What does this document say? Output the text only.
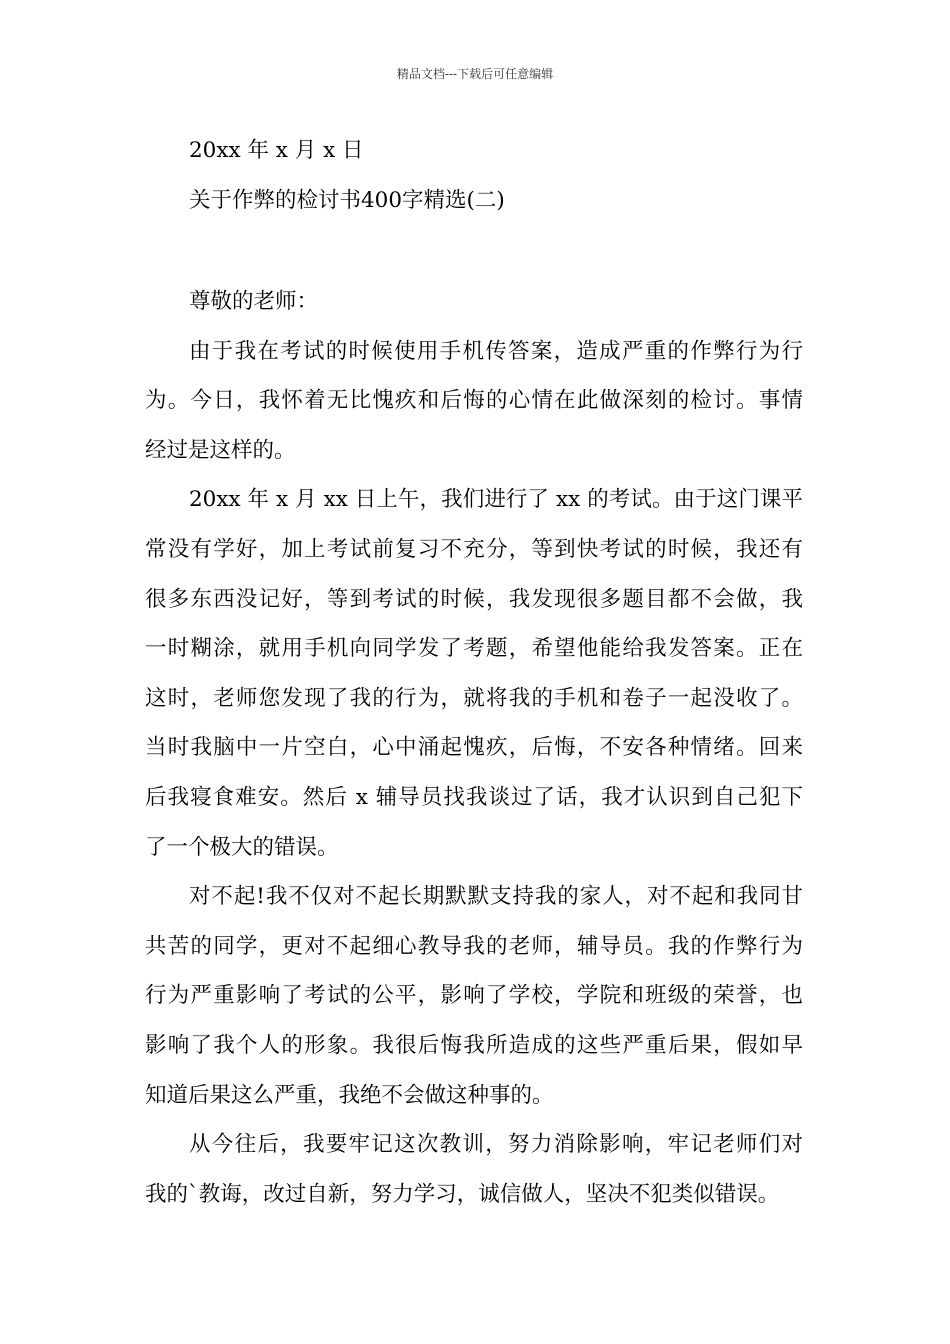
精品文档---下载后可任意编辑
20xx 年 x 月 x 日
关于作弊的检讨书400字精选(二)
尊敬的老师：
由于我在考试的时候使用手机传答案，造成严重的作弊行为行
为。今日，我怀着无比愧疚和后悔的心情在此做深刻的检讨。事情
经过是这样的。
20xx 年 x 月 xx 日上午，我们进行了 xx 的考试。由于这门课平
常没有学好，加上考试前复习不充分，等到快考试的时候，我还有
很多东西没记好，等到考试的时候，我发现很多题目都不会做，我
一时糊涂，就用手机向同学发了考题，希望他能给我发答案。正在
这时，老师您发现了我的行为，就将我的手机和卷子一起没收了。
当时我脑中一片空白，心中涌起愧疚，后悔，不安各种情绪。回来
后我寝食难安。然后 x 辅导员找我谈过了话，我才认识到自己犯下
了一个极大的错误。
对不起!我不仅对不起长期默默支持我的家人，对不起和我同甘
共苦的同学，更对不起细心教导我的老师，辅导员。我的作弊行为
行为严重影响了考试的公平，影响了学校，学院和班级的荣誉，也
影响了我个人的形象。我很后悔我所造成的这些严重后果，假如早
知道后果这么严重，我绝不会做这种事的。
从今往后，我要牢记这次教训，努力消除影响，牢记老师们对
我的`教诲，改过自新，努力学习，诚信做人，坚决不犯类似错误。
